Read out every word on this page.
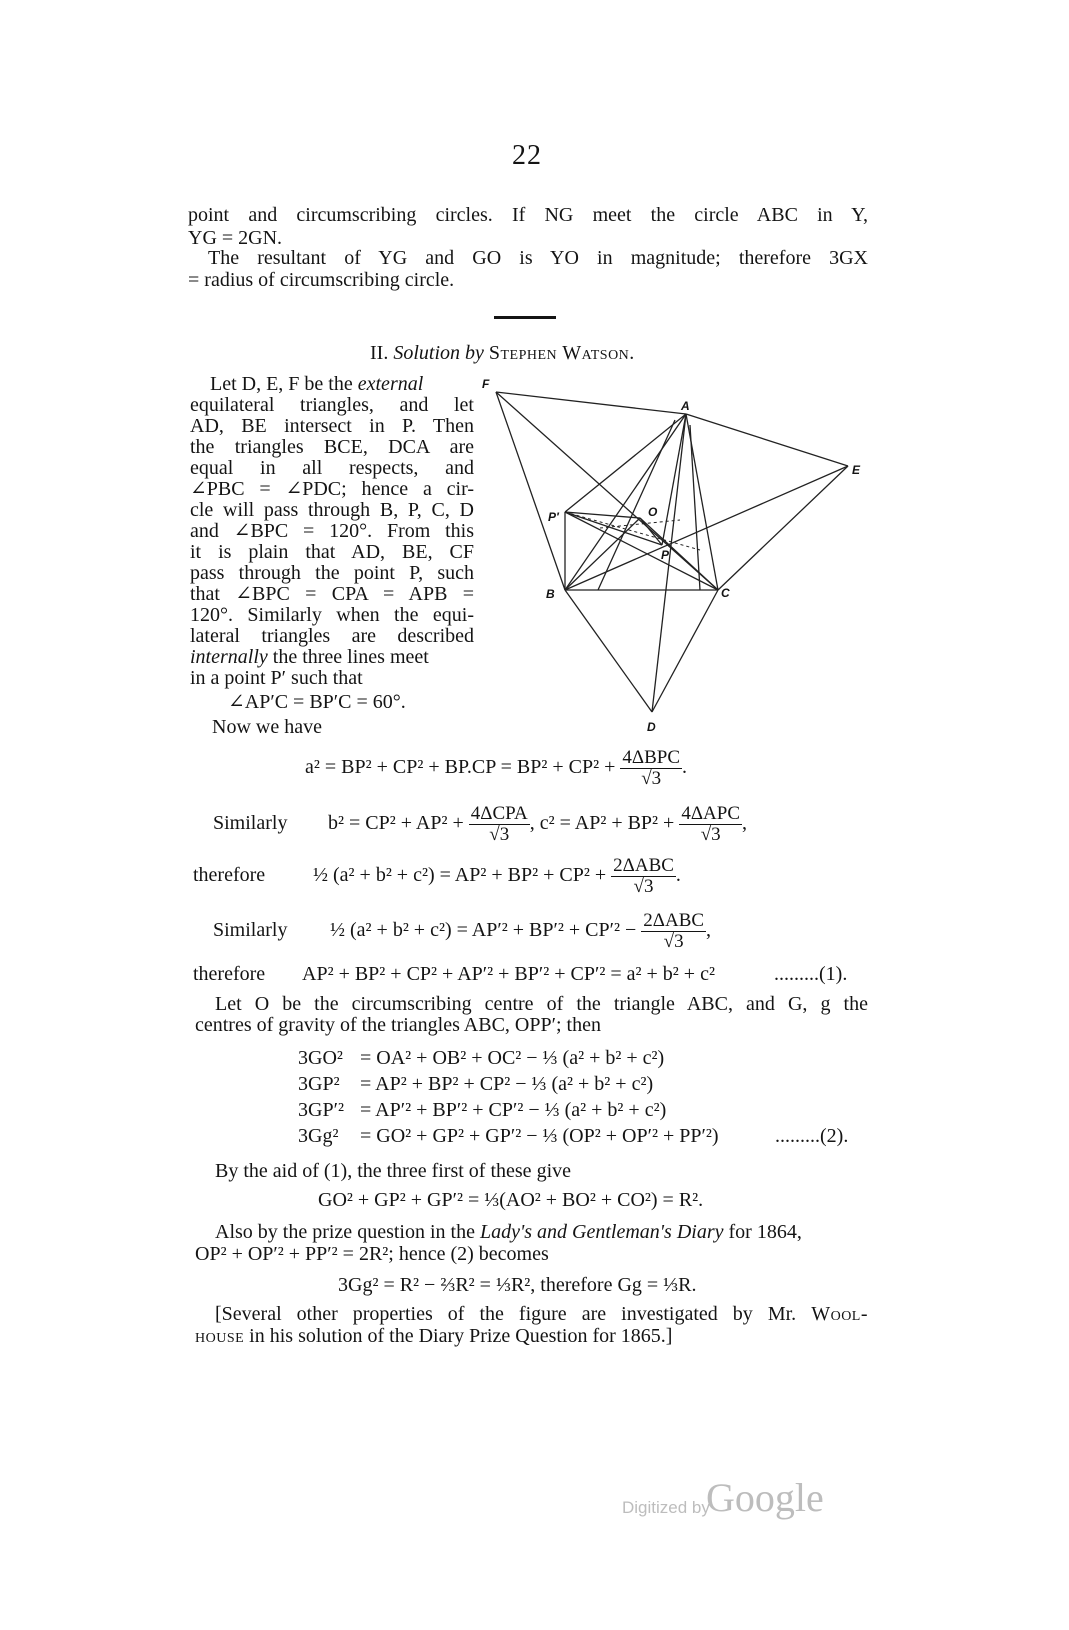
22
point and circumscribing circles. If NG meet the circle ABC in Y,
YG = 2GN.
The resultant of YG and GO is YO in magnitude; therefore 3GX
= radius of circumscribing circle.
II. Solution by Stephen Watson.
Let D, E, F be the external
equilateral triangles, and let
AD, BE intersect in P. Then
the triangles BCE, DCA are
equal in all respects, and
∠PBC = ∠PDC; hence a cir-
cle will pass through B, P, C, D
and ∠BPC = 120°. From this
it is plain that AD, BE, CF
pass through the point P, such
that ∠BPC = CPA = APB =
120°. Similarly when the equi-
lateral triangles are described
internally the three lines meet
in a point P′ such that
∠AP′C = BP′C = 60°.
Now we have
F
A
E
P′	O
P
B	C
D
$a^2 = BP^2 + CP^2 + BP.CP = BP^2 + CP^2 + \frac{\text{4ΔBPC}}{√3}$ .
Similarly $b^2 = CP^2 + AP^2 + \frac{\text{4ΔCPA}}{√3}$ , $c^2 = AP^2 + BP^2 + \frac{\text{4ΔAPC}}{√3}$ ,
therefore ½ $(a^2 + b^2 + c^2) = AP^2 + BP^2 + CP^2 + \frac{\text{2ΔABC}}{√3}$ .
Similarly ½ $(a^2 + b^2 + c^2) = AP'^2 + BP'^2 + CP'^2 - \frac{\text{2ΔABC}}{√3}$ ,
therefore AP² + BP² + CP² + AP′² + BP′² + CP′² = a² + b² + c²	.........(1).
Let O be the circumscribing centre of the triangle ABC, and G, g the
centres of gravity of the triangles ABC, OPP′; then
3GO² = OA² + OB² + OC² − ⅓ (a² + b² + c²)
3GP² = AP² + BP² + CP² − ⅓ (a² + b² + c²)
3GP′² = AP′² + BP′² + CP′² − ⅓ (a² + b² + c²)
3Gg² = GO² + GP² + GP′² − ⅓ (OP² + OP′² + PP′²)	.........(2).
By the aid of (1), the three first of these give
GO² + GP² + GP′² = ⅓(AO² + BO² + CO²) = R².
Also by the prize question in the Lady's and Gentleman's Diary for 1864,
OP² + OP′² + PP′² = 2R²; hence (2) becomes
3Gg² = R² − ⅔R² = ⅓R², therefore Gg = ⅓R.
[Several other properties of the figure are investigated by Mr. Wool-
house in his solution of the Diary Prize Question for 1865.]
Digitized by
Google
